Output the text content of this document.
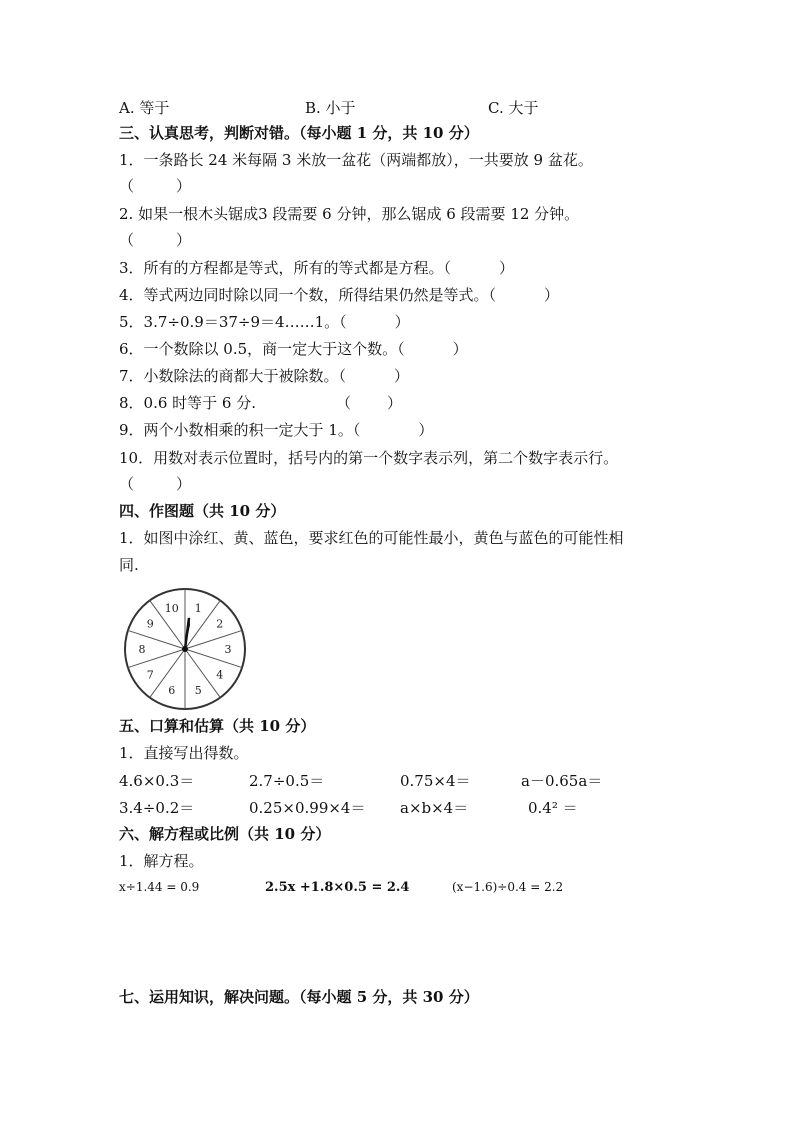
A. 等于	B. 小于	C. 大于
三、认真思考，判断对错。（每小题 1 分，共 10 分）
1．一条路长 24 米每隔 3 米放一盆花（两端都放），一共要放 9 盆花。
（	）
2. 如果一根木头锯成3 段需要 6 分钟，那么锯成 6 段需要 12 分钟。
（	）
3．所有的方程都是等式，所有的等式都是方程。（	）
4．等式两边同时除以同一个数，所得结果仍然是等式。（	）
5．3.7÷0.9＝37÷9＝4……1。（	）
6．一个数除以 0.5，商一定大于这个数。（	）
7．小数除法的商都大于被除数。（	）
8．0.6 时等于 6 分.	（ ）
9．两个小数相乘的积一定大于 1。（	）
10．用数对表示位置时，括号内的第一个数字表示列，第二个数字表示行。
（	）
四、作图题（共 10 分）
1．如图中涂红、黄、蓝色，要求红色的可能性最小，黄色与蓝色的可能性相
同.
1
2
3
4
5
6
7
8
9
10
五、口算和估算（共 10 分）
1．直接写出得数。
4.6×0.3＝	2.7÷0.5＝	0.75×4＝	a－0.65a＝
3.4÷0.2＝	0.25×0.99×4＝ a×b×4＝	0.4² ＝
六、解方程或比例（共 10 分）
1．解方程。
x÷1.44 = 0.9	2.5x +1.8×0.5 = 2.4	(x−1.6)÷0.4 = 2.2
七、运用知识，解决问题。（每小题 5 分，共 30 分）
